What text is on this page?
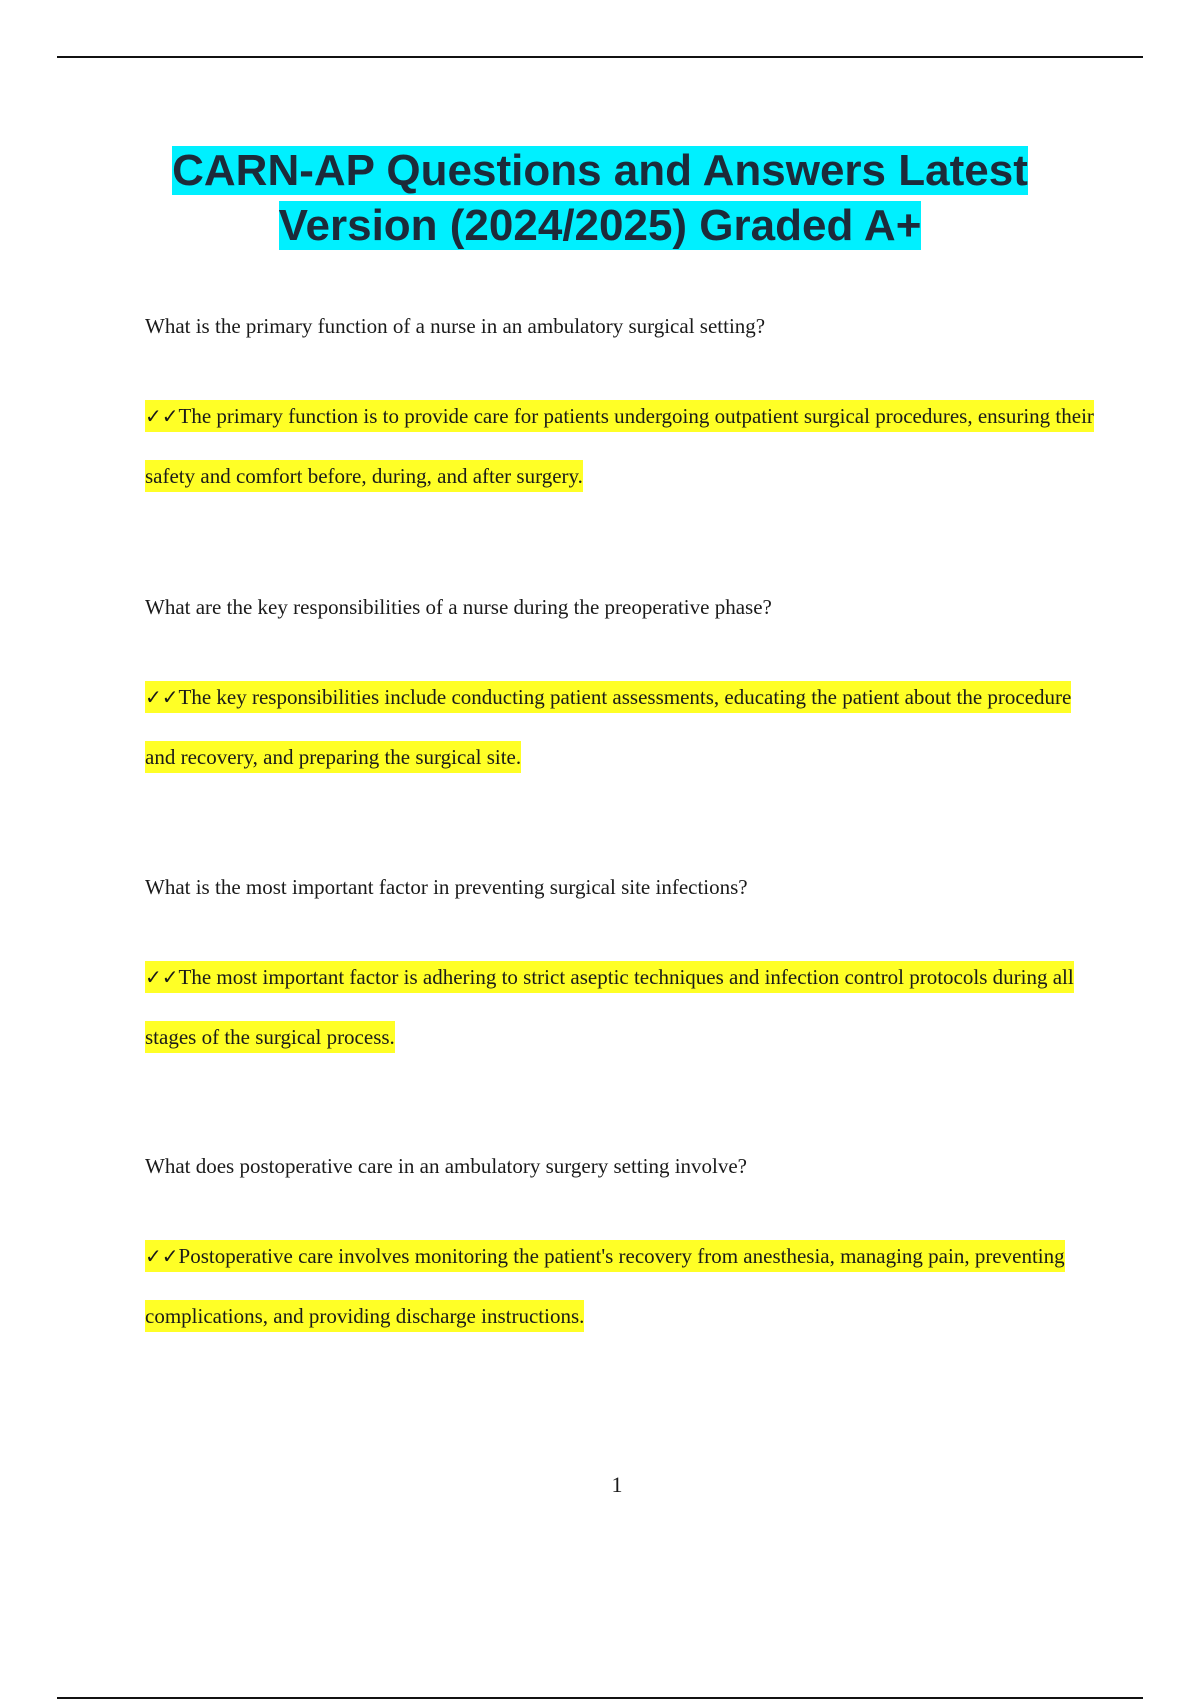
CARN-AP Questions and Answers Latest Version (2024/2025) Graded A+

What is the primary function of a nurse in an ambulatory surgical setting?

✓✓The primary function is to provide care for patients undergoing outpatient surgical procedures, ensuring their safety and comfort before, during, and after surgery.

What are the key responsibilities of a nurse during the preoperative phase?

✓✓The key responsibilities include conducting patient assessments, educating the patient about the procedure and recovery, and preparing the surgical site.

What is the most important factor in preventing surgical site infections?

✓✓The most important factor is adhering to strict aseptic techniques and infection control protocols during all stages of the surgical process.

What does postoperative care in an ambulatory surgery setting involve?

✓✓Postoperative care involves monitoring the patient's recovery from anesthesia, managing pain, preventing complications, and providing discharge instructions.

1
